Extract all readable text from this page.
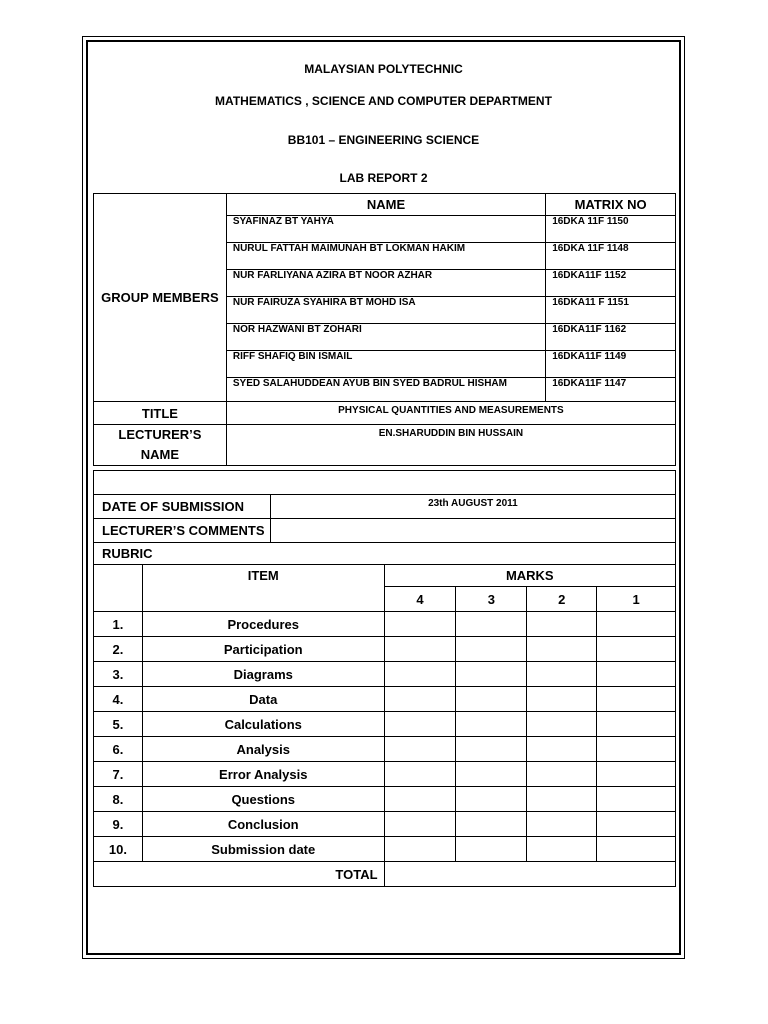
MALAYSIAN POLYTECHNIC
MATHEMATICS , SCIENCE AND COMPUTER DEPARTMENT
BB101 – ENGINEERING SCIENCE
LAB REPORT 2
GROUP MEMBERS	NAME	MATRIX NO
	SYAFINAZ BT YAHYA	16DKA 11F 1150
	NURUL FATTAH MAIMUNAH BT LOKMAN HAKIM	16DKA 11F 1148
	NUR FARLIYANA AZIRA BT NOOR AZHAR	16DKA11F 1152
	NUR FAIRUZA SYAHIRA BT MOHD ISA	16DKA11 F 1151
	NOR HAZWANI BT ZOHARI	16DKA11F 1162
	RIFF SHAFIQ BIN ISMAIL	16DKA11F 1149
	SYED SALAHUDDEAN AYUB BIN SYED BADRUL HISHAM	16DKA11F 1147
TITLE	PHYSICAL QUANTITIES AND MEASUREMENTS	

LECTURER’S
NAME	EN.SHARUDDIN BIN HUSSAIN	

DATE OF SUBMISSION	23th AUGUST 2011
LECTURER’S COMMENTS	
RUBRIC	
	ITEM	MARKS			
		4	3	2	1
1.	Procedures				
2.	Participation				
3.	Diagrams				
4.	Data				
5.	Calculations				
6.	Analysis				
7.	Error Analysis				
8.	Questions				
9.	Conclusion				
10.	Submission date				
TOTAL					
